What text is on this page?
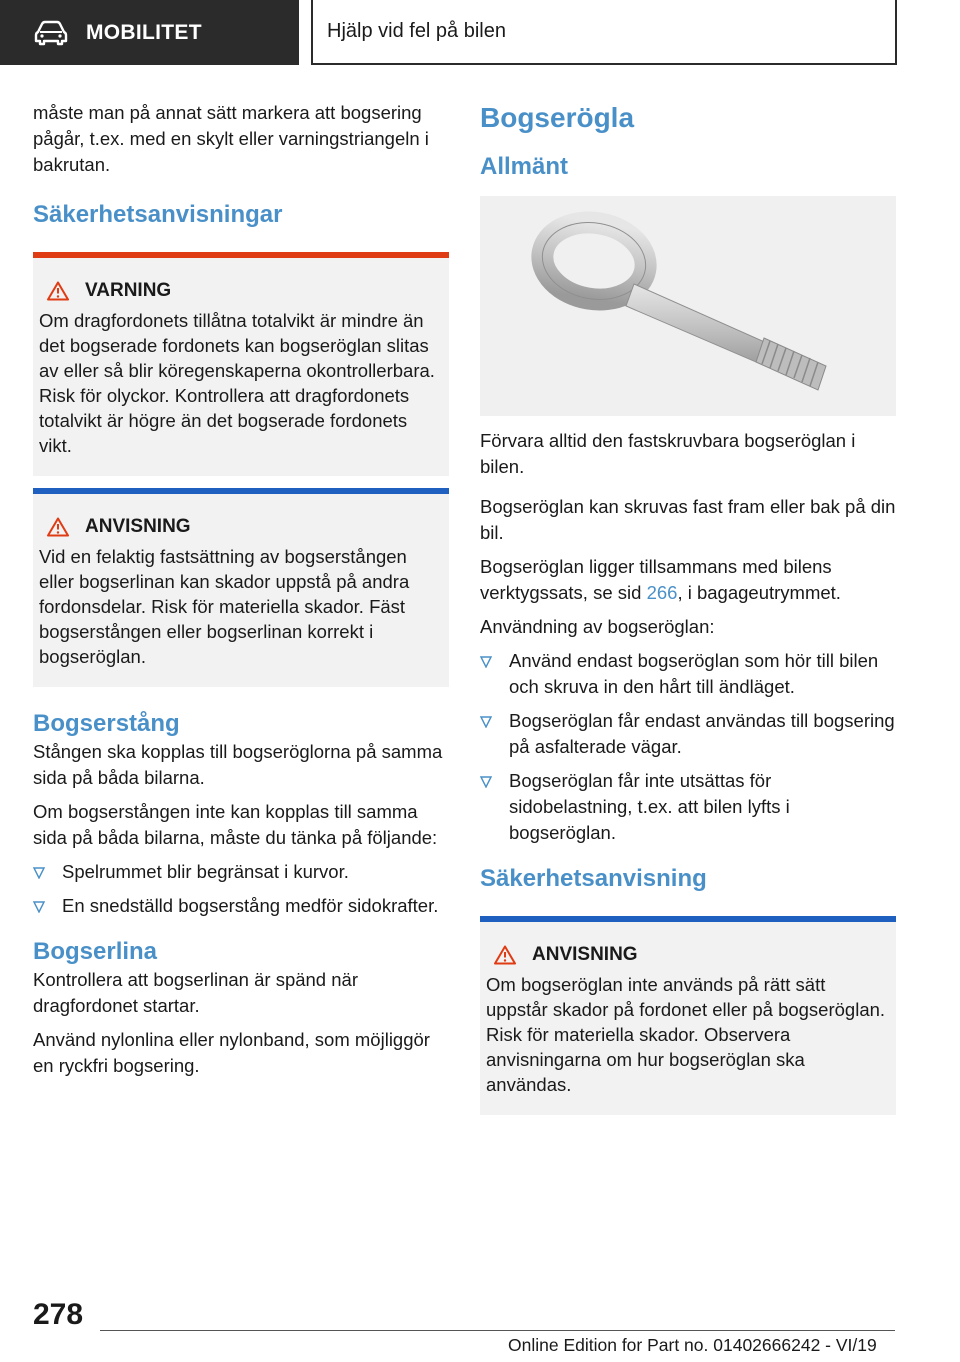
MOBILITET	Hjälp vid fel på bilen

måste man på annat sätt markera att bogsering pågår, t.ex. med en skylt eller varningstriangeln i bakrutan.

Säkerhetsanvisningar
VARNING

Om dragfordonets tillåtna totalvikt är mindre än det bogserade fordonets kan bogseröglan slitas av eller så blir köregenskaperna okontrollerbara. Risk för olyckor. Kontrollera att dragfordonets totalvikt är högre än det bogserade fordonets vikt.

ANVISNING

Vid en felaktig fastsättning av bogserstången eller bogserlinan kan skador uppstå på andra fordonsdelar. Risk för materiella skador. Fäst bogserstången eller bogserlinan korrekt i bogseröglan.

Bogserstång

Stången ska kopplas till bogseröglorna på samma sida på båda bilarna.

Om bogserstången inte kan kopplas till samma sida på båda bilarna, måste du tänka på följande:

Spelrummet blir begränsat i kurvor.
En snedställd bogserstång medför sidokrafter.
Bogserlina

Kontrollera att bogserlinan är spänd när dragfordonet startar.

Använd nylonlina eller nylonband, som möjliggör en ryckfri bogsering.

Bogserögla
Allmänt

Förvara alltid den fastskruvbara bogseröglan i bilen.

Bogseröglan kan skruvas fast fram eller bak på din bil.

Bogseröglan ligger tillsammans med bilens verktygssats, se sid 266, i bagageutrymmet.

Användning av bogseröglan:

Använd endast bogseröglan som hör till bilen och skruva in den hårt till ändläget.
Bogseröglan får endast användas till bogsering på asfalterade vägar.
Bogseröglan får inte utsättas för sidobelastning, t.ex. att bilen lyfts i bogseröglan.
Säkerhetsanvisning
ANVISNING

Om bogseröglan inte används på rätt sätt uppstår skador på fordonet eller på bogseröglan. Risk för materiella skador. Observera anvisningarna om hur bogseröglan ska användas.

278
Online Edition for Part no. 01402666242 - VI/19
